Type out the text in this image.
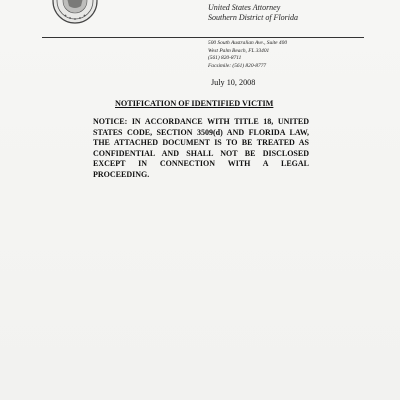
United States Attorney
Southern District of Florida
500 South Australian Ave., Suite 400
West Palm Beach, FL 33401
(561) 820-8711
Facsimile: (561) 820-8777
July 10, 2008
NOTIFICATION OF IDENTIFIED VICTIM
NOTICE: IN ACCORDANCE WITH TITLE 18, UNITED
STATES CODE, SECTION 3509(d) AND FLORIDA LAW,
THE ATTACHED DOCUMENT IS TO BE TREATED AS
CONFIDENTIAL AND SHALL NOT BE DISCLOSED
EXCEPT IN CONNECTION WITH A LEGAL
PROCEEDING.
